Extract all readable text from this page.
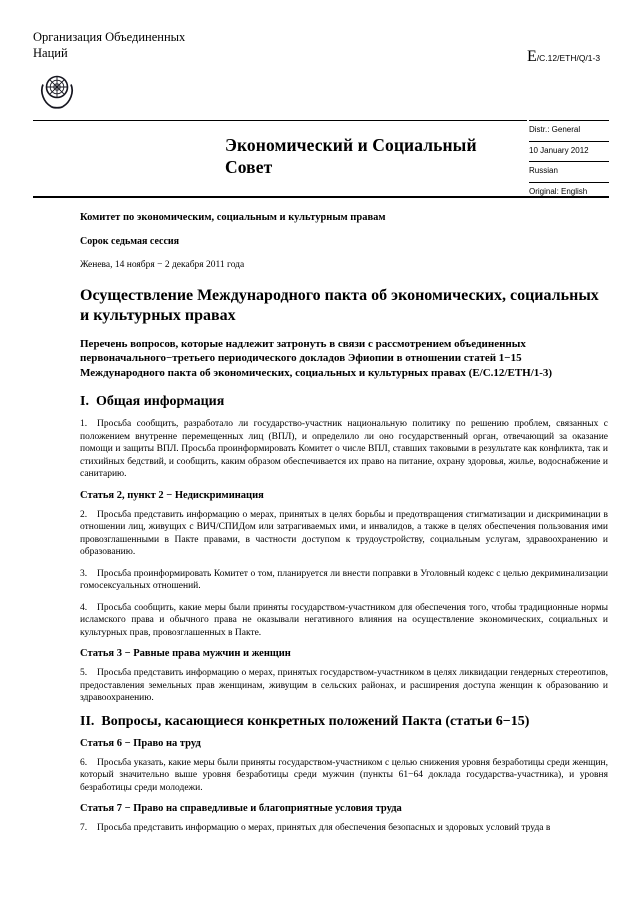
Организация Объединенных
Наций	E/C.12/ETH/Q/1-3
Экономический и Социальный Совет
Distr.: General
10 January 2012
Russian
Original: English

Комитет по экономическим, социальным и культурным правам

Сорок седьмая сессия

Женева, 14 ноября − 2 декабря 2011 года

Осуществление Международного пакта об экономических, социальных и культурных правах
Перечень вопросов, которые надлежит затронуть в связи с рассмотрением объединенных первоначального−третьего периодического докладов Эфиопии в отношении статей 1−15 Международного пакта об экономических, социальных и культурных правах (E/C.12/ETH/1-3)
I. Общая информация

1. Просьба сообщить, разработало ли государство-участник национальную политику по решению проблем, связанных с положением внутренне перемещенных лиц (ВПЛ), и определило ли оно государственный орган, отвечающий за оказание помощи и защиты ВПЛ. Просьба проинформировать Комитет о числе ВПЛ, ставших таковыми в результате как конфликта, так и стихийных бедствий, и сообщить, каким образом обеспечивается их право на питание, охрану здоровья, жилье, водоснабжение и санитарию.

Статья 2, пункт 2 − Недискриминация

2. Просьба представить информацию о мерах, принятых в целях борьбы и предотвращения стигматизации и дискриминации в отношении лиц, живущих с ВИЧ/СПИДом или затрагиваемых ими, и инвалидов, а также в целях обеспечения пользования ими провозглашенными в Пакте правами, в частности доступом к трудоустройству, социальным услугам, здравоохранению и образованию.

3. Просьба проинформировать Комитет о том, планируется ли внести поправки в Уголовный кодекс с целью декриминализации гомосексуальных отношений.

4. Просьба сообщить, какие меры были приняты государством-участником для обеспечения того, чтобы традиционные нормы исламского права и обычного права не оказывали негативного влияния на осуществление экономических, социальных и культурных прав, провозглашенных в Пакте.

Статья 3 − Равные права мужчин и женщин

5. Просьба представить информацию о мерах, принятых государством-участником в целях ликвидации гендерных стереотипов, предоставления земельных прав женщинам, живущим в сельских районах, и расширения доступа женщин к образованию и здравоохранению.

II. Вопросы, касающиеся конкретных положений Пакта (статьи 6−15)
Статья 6 − Право на труд

6. Просьба указать, какие меры были приняты государством-участником с целью снижения уровня безработицы среди женщин, который значительно выше уровня безработицы среди мужчин (пункты 61−64 доклада государства-участника), и уровня безработицы среди молодежи.

Статья 7 − Право на справедливые и благоприятные условия труда

7. Просьба представить информацию о мерах, принятых для обеспечения безопасных и здоровых условий труда в
